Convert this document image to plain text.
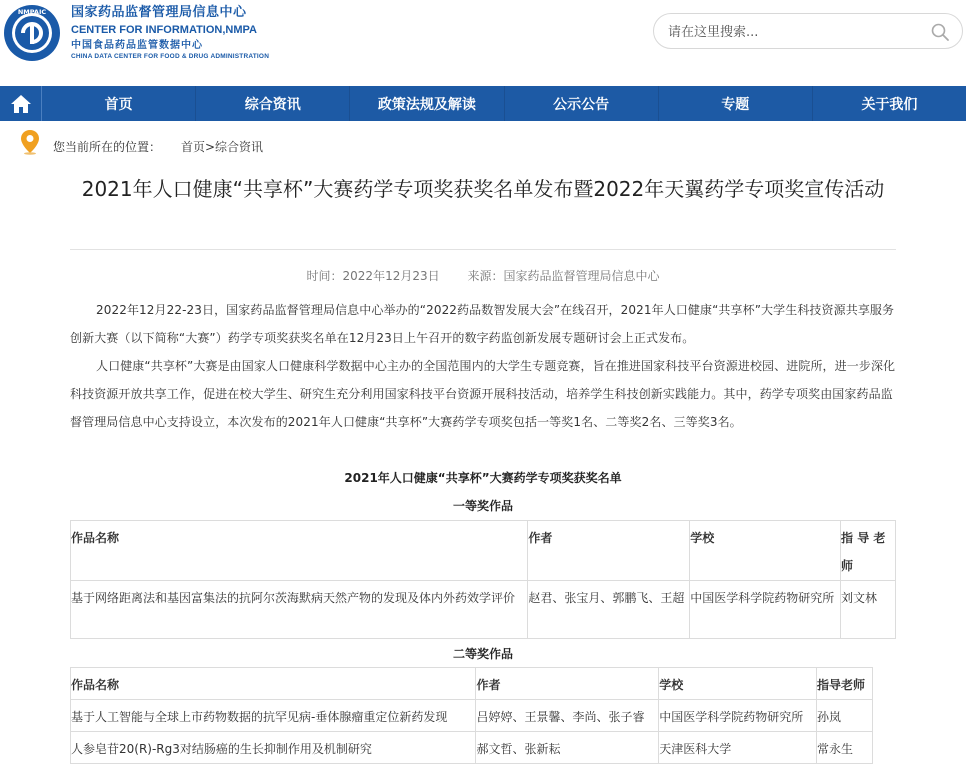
NMPAIC 国家药品监督管理局信息中心
CENTER FOR INFORMATION,NMPA
中国食品药品监管数据中心
CHINA DATA CENTER FOR FOOD & DRUG ADMINISTRATION
请在这里搜索...
首页	综合资讯	政策法规及解读	公示公告	专题	关于我们
您当前所在的位置： 首页>综合资讯
2021年人口健康“共享杯”大赛药学专项奖获奖名单发布暨2022年天翼药学专项奖宣传活动
时间：2022年12月23日 来源：国家药品监督管理局信息中心
2022年12月22-23日，国家药品监督管理局信息中心举办的“2022药品数智发展大会”在线召开，2021年人口健康“共享杯”大学生科技资源共享服务创新大赛（以下简称“大赛”）药学专项奖获奖名单在12月23日上午召开的数字药监创新发展专题研讨会上正式发布。
人口健康“共享杯”大赛是由国家人口健康科学数据中心主办的全国范围内的大学生专题竞赛，旨在推进国家科技平台资源进校园、进院所，进一步深化科技资源开放共享工作，促进在校大学生、研究生充分利用国家科技平台资源开展科技活动，培养学生科技创新实践能力。其中，药学专项奖由国家药品监督管理局信息中心支持设立，本次发布的2021年人口健康“共享杯”大赛药学专项奖包括一等奖1名、二等奖2名、三等奖3名。
2021年人口健康“共享杯”大赛药学专项奖获奖名单
一等奖作品
作品名称	作者	学校	指 导 老 师
基于网络距离法和基因富集法的抗阿尔茨海默病天然产物的发现及体内外药效学评价	赵君、张宝月、郭鹏飞、王超	中国医学科学院药物研究所	刘文林
二等奖作品
作品名称	作者	学校	指导老师
基于人工智能与全球上市药物数据的抗罕见病-垂体腺瘤重定位新药发现	吕婷婷、王景馨、李尚、张子睿	中国医学科学院药物研究所	孙岚
人参皂苷20(R)-Rg3对结肠癌的生长抑制作用及机制研究	郝文哲、张新耘	天津医科大学	常永生
